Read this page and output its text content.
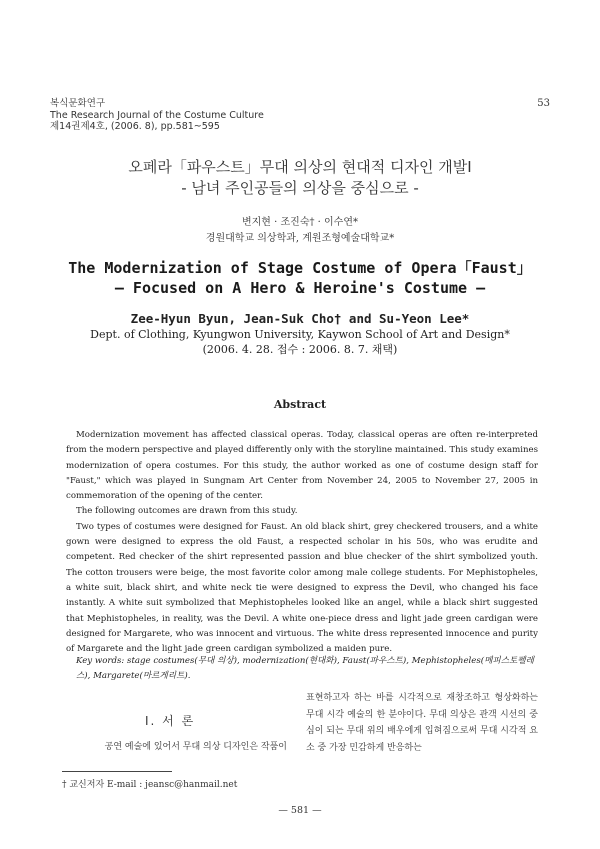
복식문화연구
The Research Journal of the Costume Culture
제14권제4호, (2006. 8), pp.581~595
53
오페라「파우스트」무대 의상의 현대적 디자인 개발Ⅰ
- 남녀 주인공들의 의상을 중심으로 -
변지현 · 조진숙† · 이수연*
경원대학교 의상학과, 계원조형예술대학교*
The Modernization of Stage Costume of Opera「Faust」
― Focused on A Hero & Heroine's Costume ―
Zee-Hyun Byun, Jean-Suk Cho† and Su-Yeon Lee*
Dept. of Clothing, Kyungwon University, Kaywon School of Art and Design*
(2006. 4. 28. 접수 : 2006. 8. 7. 채택)
Abstract

Modernization movement has affected classical operas. Today, classical operas are often re-interpreted from the modern perspective and played differently only with the storyline maintained. This study examines modernization of opera costumes. For this study, the author worked as one of costume design staff for "Faust," which was played in Sungnam Art Center from November 24, 2005 to November 27, 2005 in commemoration of the opening of the center.

The following outcomes are drawn from this study.

Two types of costumes were designed for Faust. An old black shirt, grey checkered trousers, and a white gown were designed to express the old Faust, a respected scholar in his 50s, who was erudite and competent. Red checker of the shirt represented passion and blue checker of the shirt symbolized youth. The cotton trousers were beige, the most favorite color among male college students. For Mephistopheles, a white suit, black shirt, and white neck tie were designed to express the Devil, who changed his face instantly. A white suit symbolized that Mephistopheles looked like an angel, while a black shirt suggested that Mephistopheles, in reality, was the Devil. A white one-piece dress and light jade green cardigan were designed for Margarete, who was innocent and virtuous. The white dress represented innocence and purity of Margarete and the light jade green cardigan symbolized a maiden pure.

Key words: stage costumes(무대 의상), modernization(현대화), Faust(파우스트), Mephistopheles(메피스토펠레스), Margarete(마르게리트).
Ⅰ. 서 론
공연 예술에 있어서 무대 의상 디자인은 작품이
표현하고자 하는 바를 시각적으로 재창조하고 형상화하는 무대 시각 예술의 한 분야이다. 무대 의상은 관객 시선의 중심이 되는 무대 위의 배우에게 입혀짐으로써 무대 시각적 요소 중 가장 민감하게 반응하는
† 교신저자 E-mail : jeansc@hanmail.net
— 581 —
